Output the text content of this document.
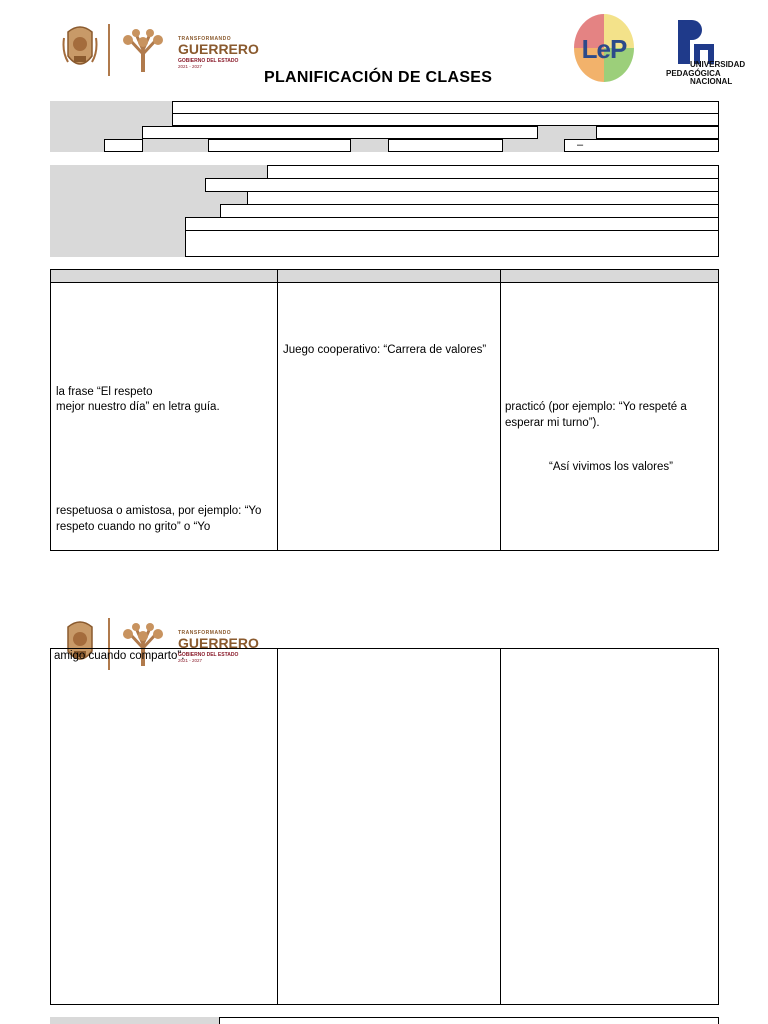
TRANSFORMANDO
GUERRERO
GOBIERNO DEL ESTADO
2021 - 2027
PLANIFICACIÓN DE CLASES
LeP
UNIVERSIDAD
PEDAGÓGICA
NACIONAL
–
la frase “El respeto
mejor nuestro día” en letra guía.
respetuosa o amistosa, por ejemplo: “Yo
respeto cuando no grito” o “Yo
Juego cooperativo: “Carrera de valores”
practicó (por ejemplo: “Yo respeté a
esperar mi turno”).
“Así vivimos los valores”
TRANSFORMANDO
GUERRERO
GOBIERNO DEL ESTADO
2021 - 2027
amigo cuando comparto”.
